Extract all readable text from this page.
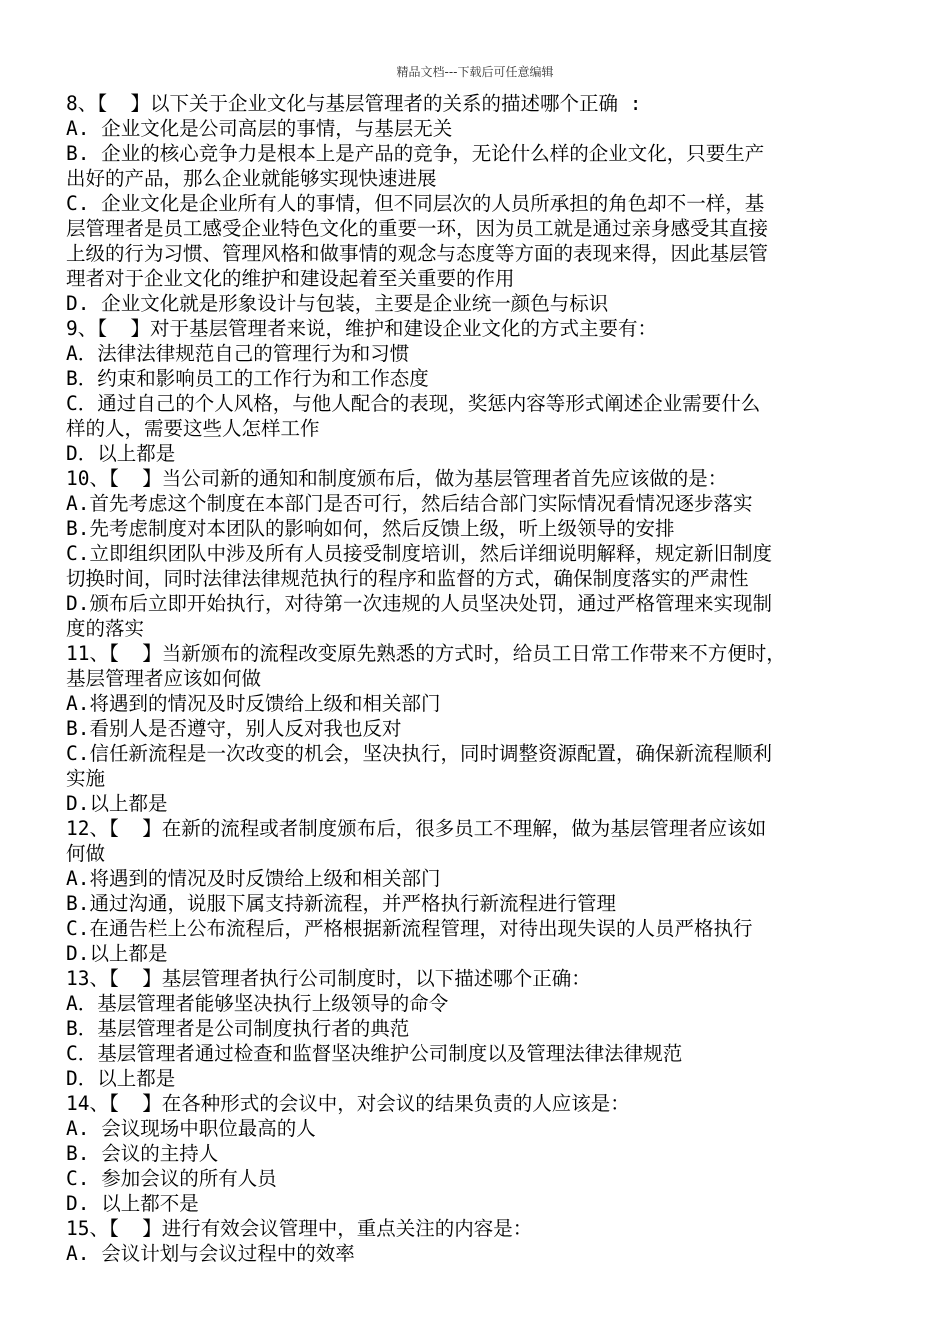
精品文档---下载后可任意编辑
8、【  】以下关于企业文化与基层管理者的关系的描述哪个正确 :
A. 企业文化是公司高层的事情，与基层无关
B. 企业的核心竞争力是根本上是产品的竞争，无论什么样的企业文化，只要生产
出好的产品，那么企业就能够实现快速进展
C. 企业文化是企业所有人的事情，但不同层次的人员所承担的角色却不一样，基
层管理者是员工感受企业特色文化的重要一环，因为员工就是通过亲身感受其直接
上级的行为习惯、管理风格和做事情的观念与态度等方面的表现来得，因此基层管
理者对于企业文化的维护和建设起着至关重要的作用
D. 企业文化就是形象设计与包装，主要是企业统一颜色与标识
9、【  】对于基层管理者来说，维护和建设企业文化的方式主要有：
A．法律法律规范自己的管理行为和习惯
B．约束和影响员工的工作行为和工作态度
C．通过自己的个人风格，与他人配合的表现，奖惩内容等形式阐述企业需要什么
样的人，需要这些人怎样工作
D．以上都是
10、【  】当公司新的通知和制度颁布后，做为基层管理者首先应该做的是：
A.首先考虑这个制度在本部门是否可行，然后结合部门实际情况看情况逐步落实
B.先考虑制度对本团队的影响如何，然后反馈上级，听上级领导的安排
C.立即组织团队中涉及所有人员接受制度培训，然后详细说明解释，规定新旧制度
切换时间，同时法律法律规范执行的程序和监督的方式，确保制度落实的严肃性
D.颁布后立即开始执行，对待第一次违规的人员坚决处罚，通过严格管理来实现制
度的落实
11、【  】当新颁布的流程改变原先熟悉的方式时，给员工日常工作带来不方便时，
基层管理者应该如何做
A.将遇到的情况及时反馈给上级和相关部门
B.看别人是否遵守，别人反对我也反对
C.信任新流程是一次改变的机会，坚决执行，同时调整资源配置，确保新流程顺利
实施
D.以上都是
12、【  】在新的流程或者制度颁布后，很多员工不理解，做为基层管理者应该如
何做
A.将遇到的情况及时反馈给上级和相关部门
B.通过沟通，说服下属支持新流程，并严格执行新流程进行管理
C.在通告栏上公布流程后，严格根据新流程管理，对待出现失误的人员严格执行
D.以上都是
13、【  】基层管理者执行公司制度时，以下描述哪个正确：
A．基层管理者能够坚决执行上级领导的命令
B．基层管理者是公司制度执行者的典范
C．基层管理者通过检查和监督坚决维护公司制度以及管理法律法律规范
D．以上都是
14、【  】在各种形式的会议中，对会议的结果负责的人应该是：
A. 会议现场中职位最高的人
B. 会议的主持人
C. 参加会议的所有人员
D. 以上都不是
15、【  】进行有效会议管理中，重点关注的内容是：
A. 会议计划与会议过程中的效率
